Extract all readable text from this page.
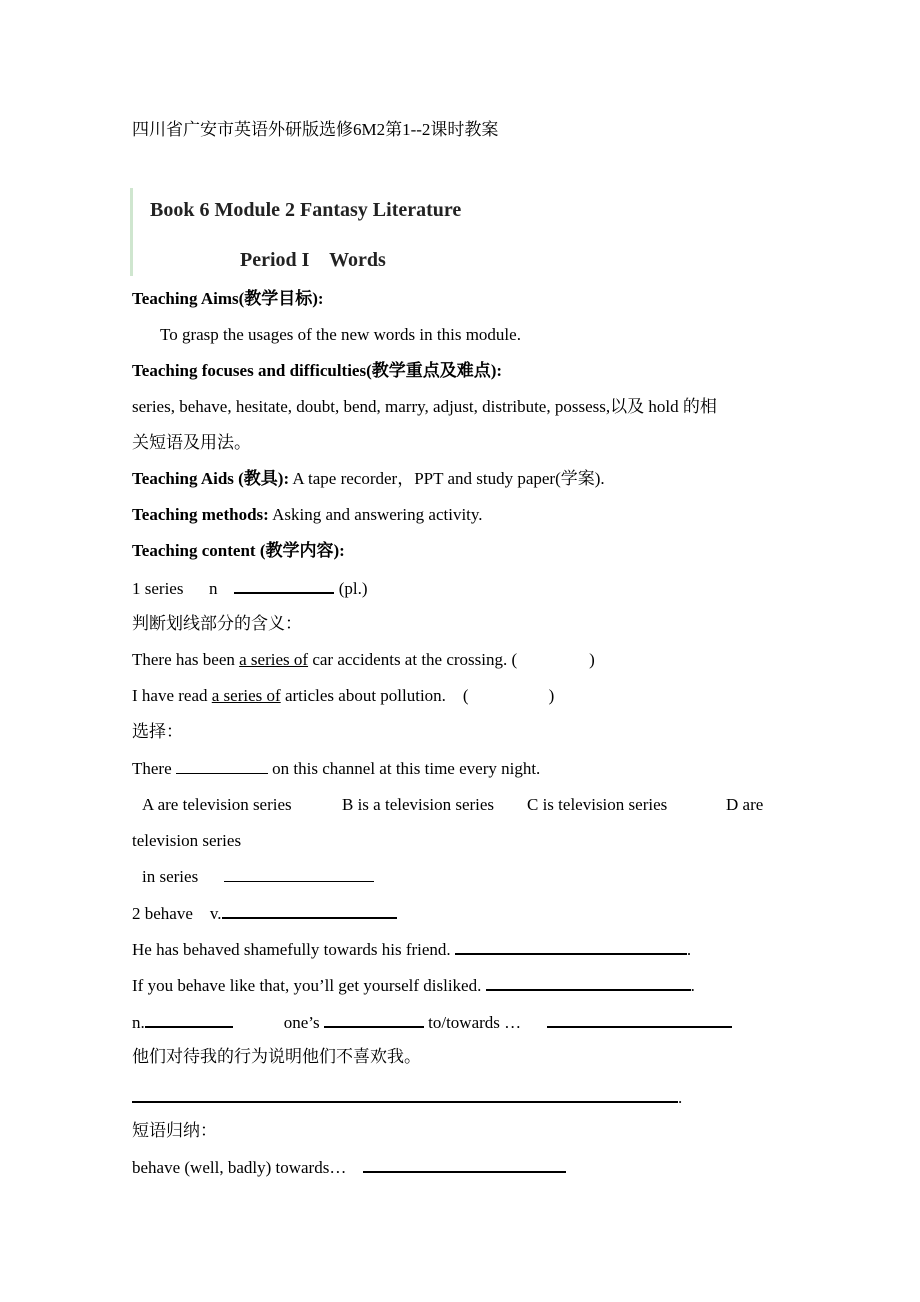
四川省广安市英语外研版选修6M2第1--2课时教案
Book 6 Module 2 Fantasy Literature
Period I    Words
Teaching Aims(教学目标):
To grasp the usages of the new words in this module.
Teaching focuses and difficulties(教学重点及难点):
series, behave, hesitate, doubt, bend, marry, adjust, distribute, possess,以及 hold 的相
关短语及用法。
Teaching Aids (教具): A tape recorder，PPT and study paper(学案).
Teaching methods: Asking and answering activity.
Teaching content (教学内容):
1 series      n	(pl.)
判断划线部分的含义：
There has been a series of car accidents at the crossing. (	)
I have read a series of articles about pollution.    (	)
选择：
There	on this channel at this time every night.
A are television series	B is a television series C is television series	D are
television series
in series
2 behave    v.
He has behaved shamefully towards his friend.	.
If you behave like that, you’ll get yourself disliked.	.
n.	one’s	to/towards …
他们对待我的行为说明他们不喜欢我。
.
短语归纳：
behave (well, badly) towards…
